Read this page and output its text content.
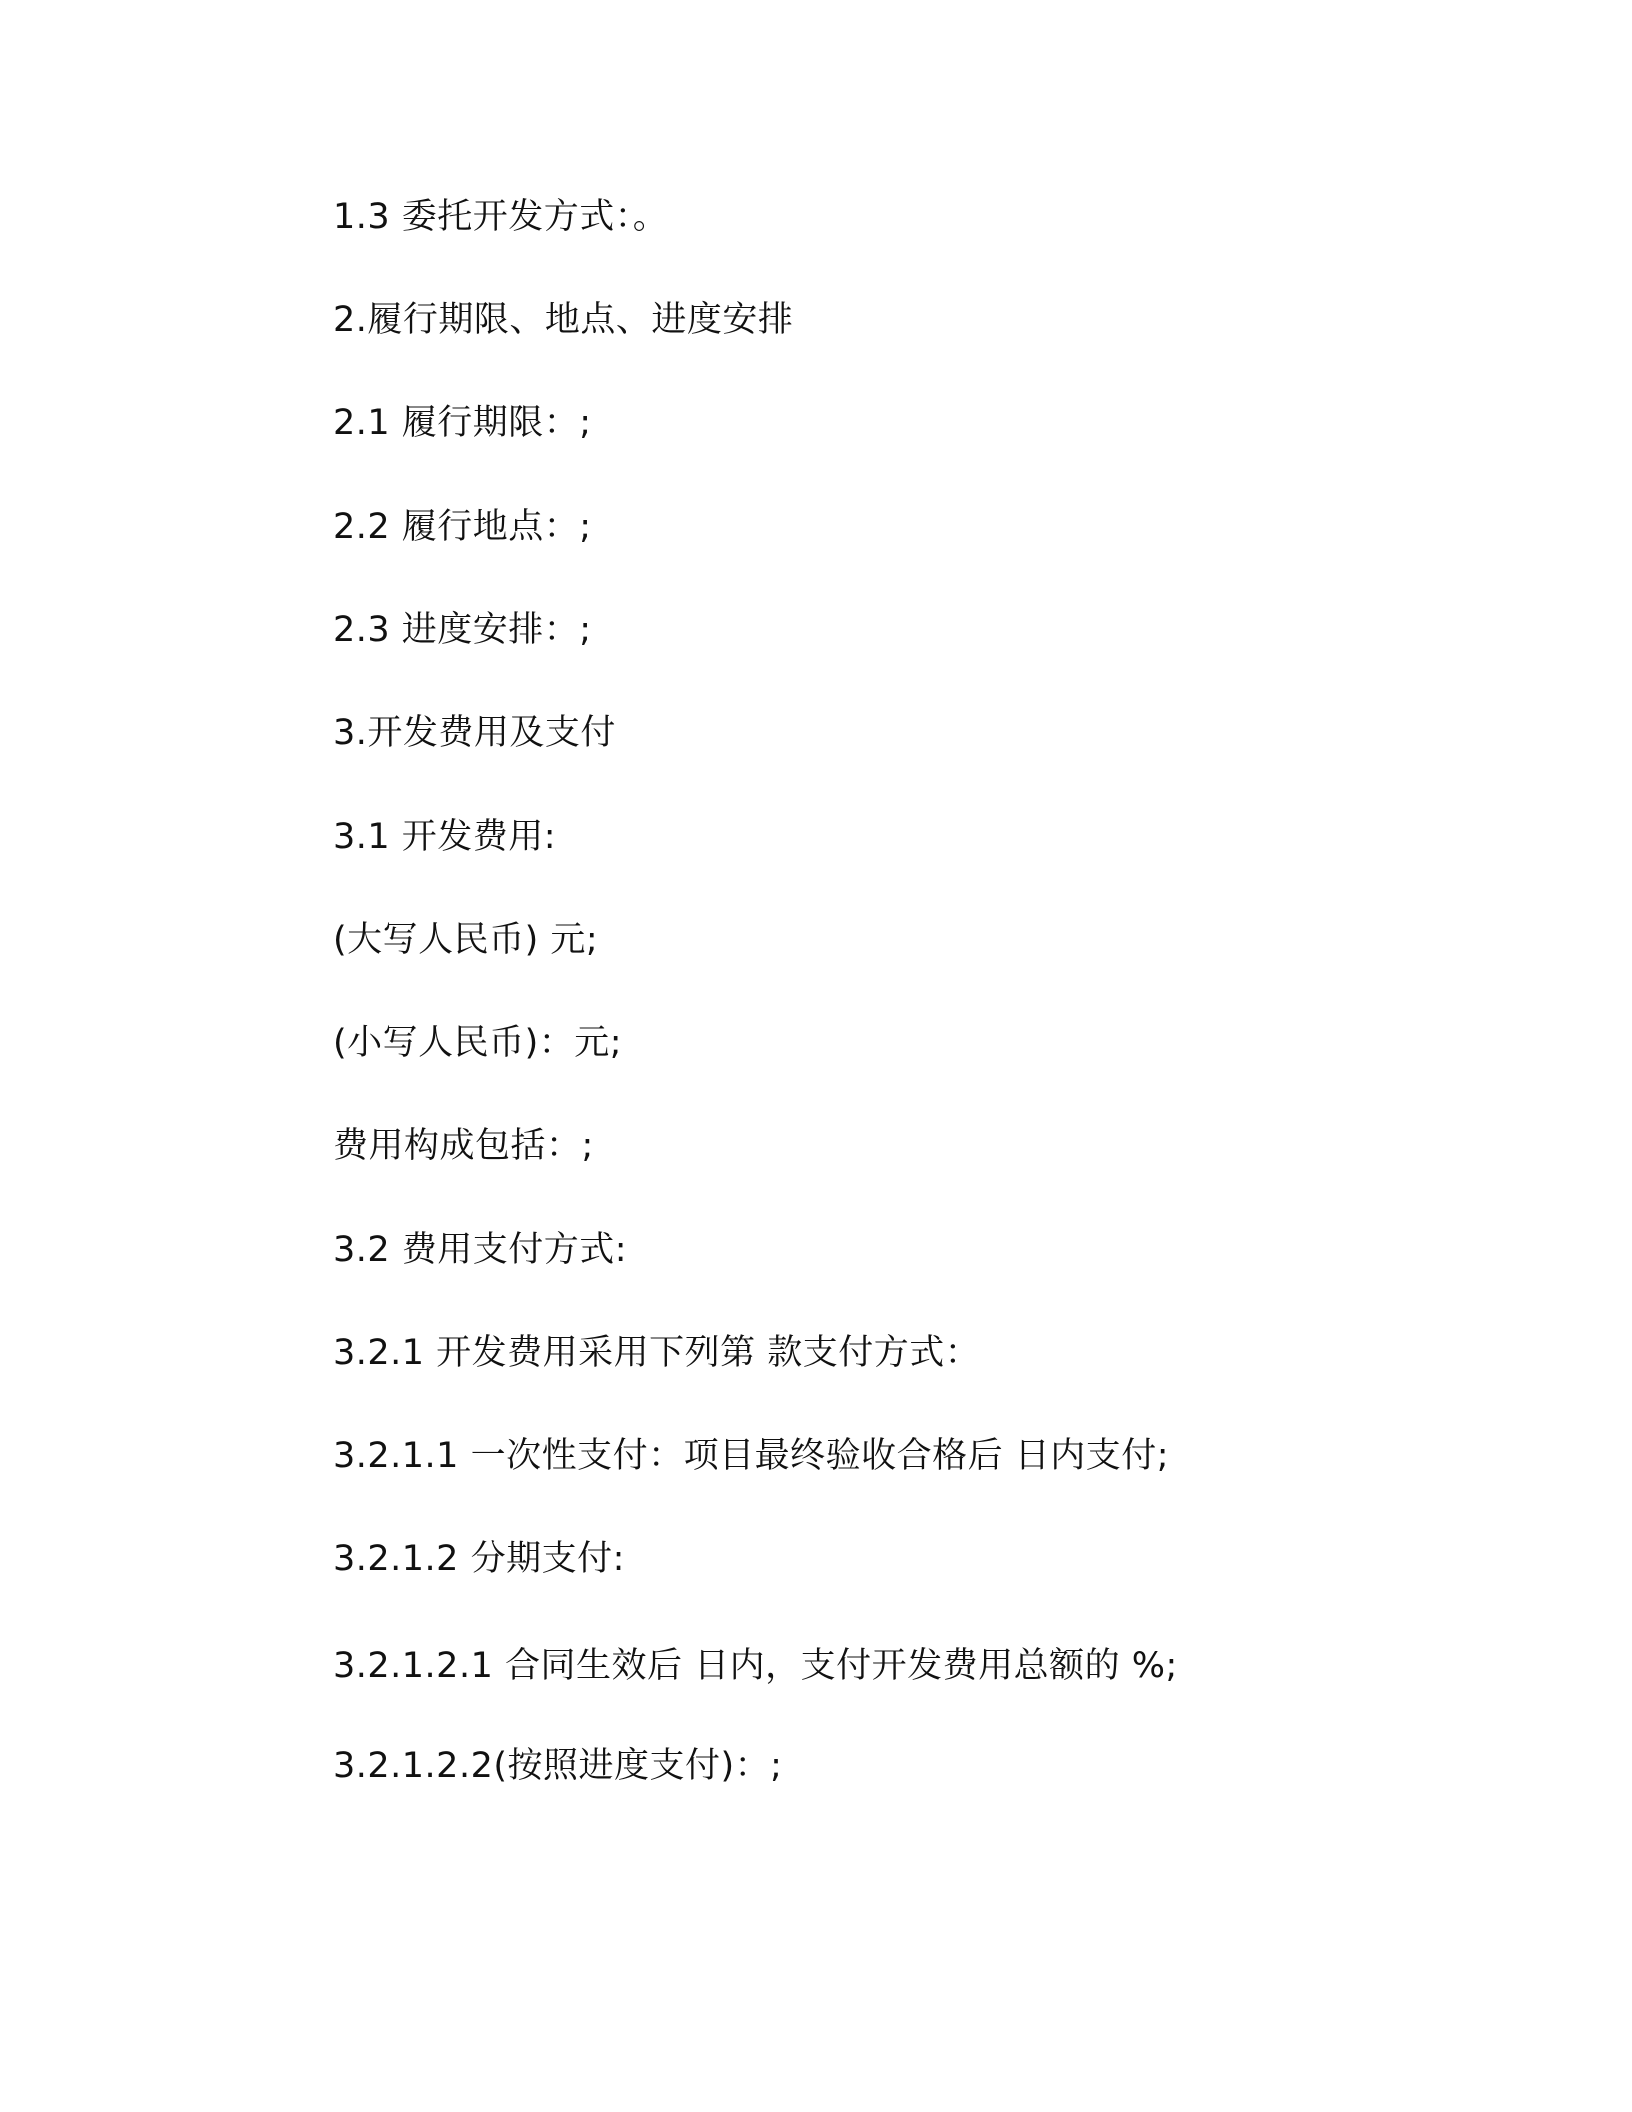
1.3 委托开发方式：。

2.履行期限、地点、进度安排

2.1 履行期限：;

2.2 履行地点：;

2.3 进度安排：;

3.开发费用及支付

3.1 开发费用:

(大写人民币) 元;

(小写人民币)：元;

费用构成包括：;

3.2 费用支付方式:

3.2.1 开发费用采用下列第 款支付方式：

3.2.1.1 一次性支付：项目最终验收合格后 日内支付;

3.2.1.2 分期支付:

3.2.1.2.1 合同生效后 日内，支付开发费用总额的 %;

3.2.1.2.2(按照进度支付)：;
